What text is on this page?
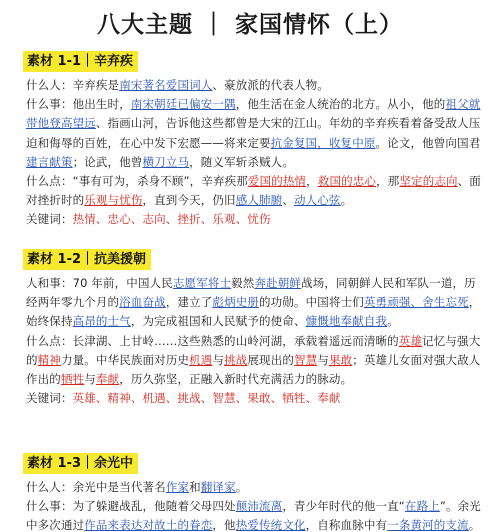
八大主题 ｜ 家国情怀（上）
素材 1-1｜辛弃疾

什么人：辛弃疾是南宋著名爱国词人、豪放派的代表人物。

什么事：他出生时，南宋朝廷已偏安一隅，他生活在金人统治的北方。从小，他的祖父就带他登高望远、指画山河，告诉他这些都曾是大宋的江山。年幼的辛弃疾看着备受敌人压迫和侮辱的百姓，在心中发下宏愿——将来定要抗金复国，收复中原。论文，他曾向国君建言献策；论武，他曾横刀立马，随义军斩杀贼人。

什么点：“事有可为，杀身不顾”，辛弃疾那爱国的热情，救国的忠心，那坚定的志向、面对挫折时的乐观与忧伤，直到今天，仍旧感人肺腑、动人心弦。

关键词：热情、忠心、志向、挫折、乐观、忧伤

素材 1-2｜抗美援朝

人和事：70 年前，中国人民志愿军将士毅然奔赴朝鲜战场，同朝鲜人民和军队一道，历经两年零九个月的浴血奋战，建立了彪炳史册的功勋。中国将士们英勇顽强、舍生忘死，始终保持高昂的士气，为完成祖国和人民赋予的使命、慷慨地奉献自我。

什么点：长津湖、上甘岭……这些熟悉的山岭河湖，承载着遥远而清晰的英雄记忆与强大的精神力量。中华民族面对历史机遇与挑战展现出的智慧与果敢；英雄儿女面对强大敌人作出的牺牲与奉献，历久弥坚，正融入新时代充满活力的脉动。

关键词：英雄、精神、机遇、挑战、智慧、果敢、牺牲、奉献

素材 1-3｜余光中

什么人：余光中是当代著名作家和翻译家。

什么事：为了躲避战乱，他随着父母四处颠沛流离，青少年时代的他一直“在路上”。余光中多次通过作品来表达对故土的眷恋，他热爱传统文化，自称血脉中有一条黄河的支流。
